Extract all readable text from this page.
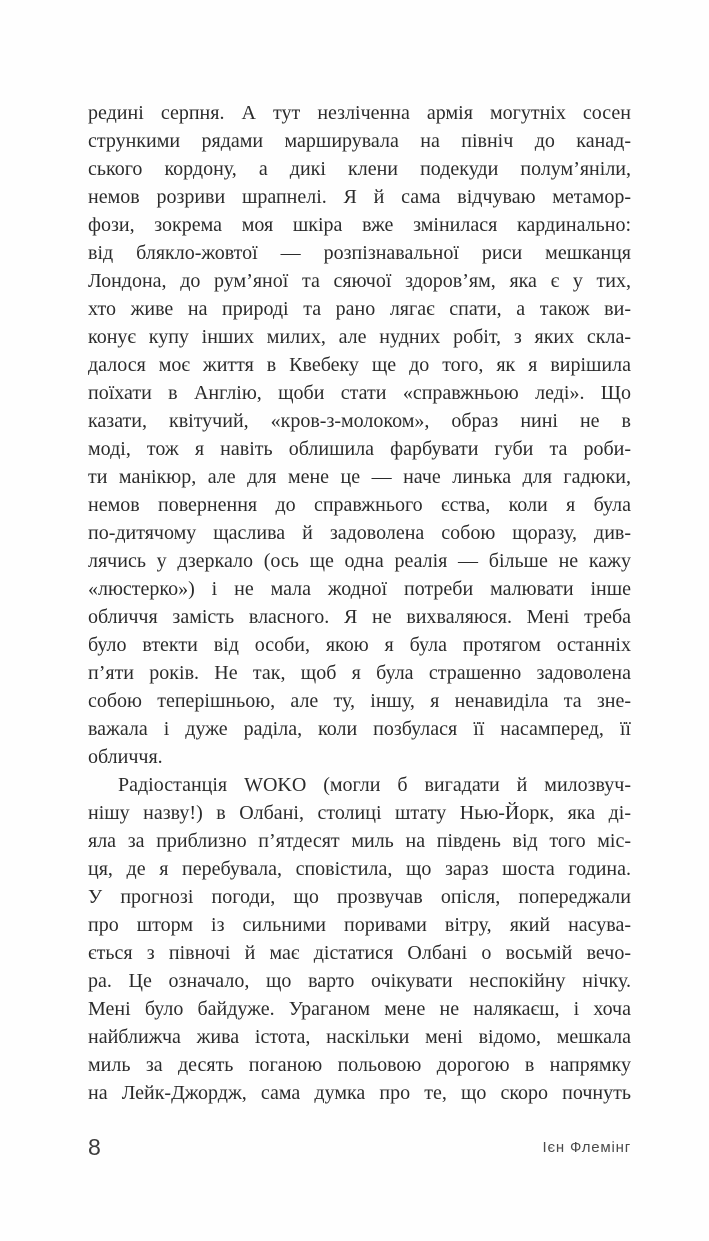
редині серпня. А тут незліченна армія могутніх сосен
стрункими рядами марширувала на північ до канад-
ського кордону, а дикі клени подекуди полум’яніли,
немов розриви шрапнелі. Я й сама відчуваю метамор-
фози, зокрема моя шкіра вже змінилася кардинально:
від блякло-жовтої — розпізнавальної риси мешканця
Лондона, до рум’яної та сяючої здоров’ям, яка є у тих,
хто живе на природі та рано лягає спати, а також ви-
конує купу інших милих, але нудних робіт, з яких скла-
далося моє життя в Квебеку ще до того, як я вирішила
поїхати в Англію, щоби стати «справжньою леді». Що
казати, квітучий, «кров-з-молоком», образ нині не в
моді, тож я навіть облишила фарбувати губи та роби-
ти манікюр, але для мене це — наче линька для гадюки,
немов повернення до справжнього єства, коли я була
по-дитячому щаслива й задоволена собою щоразу, див-
лячись у дзеркало (ось ще одна реалія — більше не кажу
«люстерко») і не мала жодної потреби малювати інше
обличчя замість власного. Я не вихваляюся. Мені треба
було втекти від особи, якою я була протягом останніх
п’яти років. Не так, щоб я була страшенно задоволена
собою теперішньою, але ту, іншу, я ненавиділа та зне-
важала і дуже раділа, коли позбулася її насамперед, її
обличчя.
Радіостанція WOKO (могли б вигадати й милозвуч-
нішу назву!) в Олбані, столиці штату Нью-Йорк, яка ді-
яла за приблизно п’ятдесят миль на південь від того міс-
ця, де я перебувала, сповістила, що зараз шоста година.
У прогнозі погоди, що прозвучав опісля, попереджали
про шторм із сильними поривами вітру, який насува-
ється з півночі й має дістатися Олбані о восьмій вечо-
ра. Це означало, що варто очікувати неспокійну нічку.
Мені було байдуже. Ураганом мене не налякаєш, і хоча
найближча жива істота, наскільки мені відомо, мешкала
миль за десять поганою польовою дорогою в напрямку
на Лейк-Джордж, сама думка про те, що скоро почнуть
8	Ієн Флемінг
